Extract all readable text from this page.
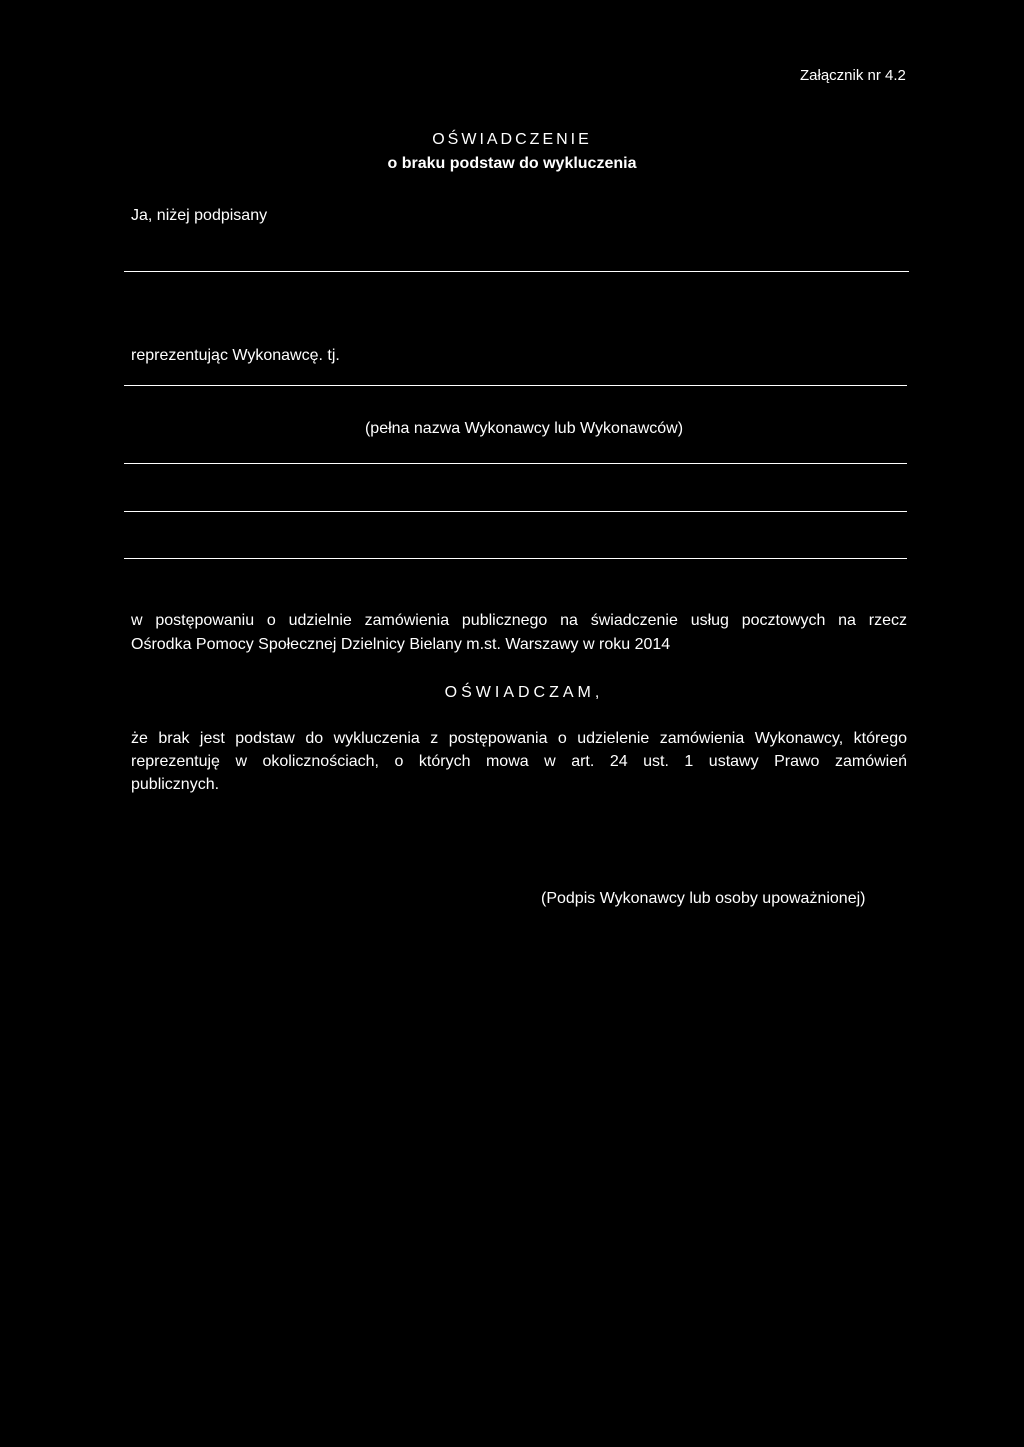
Załącznik nr 4.2
OŚWIADCZENIE
o braku podstaw do wykluczenia
Ja, niżej podpisany
reprezentując Wykonawcę. tj.
(pełna nazwa Wykonawcy lub Wykonawców)
w postępowaniu o udzielnie zamówienia publicznego na świadczenie usług pocztowych na rzecz
Ośrodka Pomocy Społecznej Dzielnicy Bielany m.st. Warszawy w roku 2014
OŚWIADCZAM,
że brak jest podstaw do wykluczenia z postępowania o udzielenie zamówienia Wykonawcy, którego
reprezentuję w okolicznościach, o których mowa w art. 24 ust. 1 ustawy Prawo zamówień
publicznych.
(Podpis Wykonawcy lub osoby upoważnionej)
